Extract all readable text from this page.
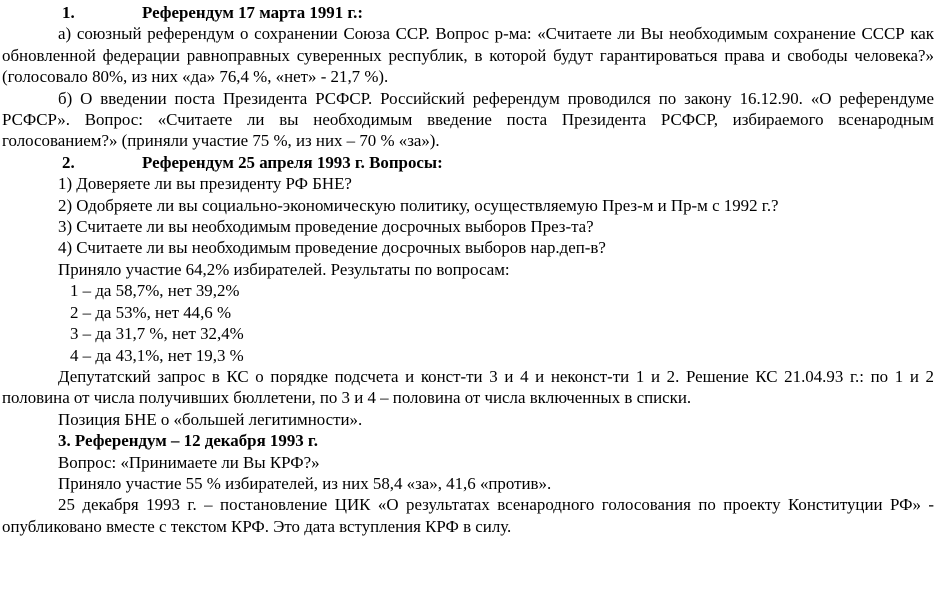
1.	Референдум 17 марта 1991 г.:

а) союзный референдум о сохранении Союза ССР. Вопрос р-ма: «Считаете ли Вы необходимым сохранение СССР как обновленной федерации равноправных суверенных республик, в которой будут гарантироваться права и свободы человека?» (голосовало 80%, из них «да» 76,4 %, «нет» - 21,7 %).

б) О введении поста Президента РСФСР. Российский референдум проводился по закону 16.12.90. «О референдуме РСФСР». Вопрос: «Считаете ли вы необходимым введение поста Президента РСФСР, избираемого всенародным голосованием?» (приняли участие 75 %, из них – 70 % «за»).

2.	Референдум 25 апреля 1993 г. Вопросы:

1) Доверяете ли вы президенту РФ БНЕ?

2) Одобряете ли вы социально-экономическую политику, осуществляемую През-м и Пр-м с 1992 г.?

3) Считаете ли вы необходимым проведение досрочных выборов През-та?

4) Считаете ли вы необходимым проведение досрочных выборов нар.деп-в?

Приняло участие 64,2% избирателей. Результаты по вопросам:

1 – да 58,7%, нет 39,2%

2 – да 53%, нет 44,6 %

3 – да 31,7 %, нет 32,4%

4 – да 43,1%, нет 19,3 %

Депутатский запрос в КС о порядке подсчета и конст-ти 3 и 4 и неконст-ти 1 и 2. Решение КС 21.04.93 г.: по 1 и 2 половина от числа получивших бюллетени, по 3 и 4 – половина от числа включенных в списки.

Позиция БНЕ о «большей легитимности».

3. Референдум – 12 декабря 1993 г.

Вопрос: «Принимаете ли Вы КРФ?»

Приняло участие 55 % избирателей, из них 58,4 «за», 41,6 «против».

25 декабря 1993 г. – постановление ЦИК «О результатах всенародного голосования по проекту Конституции РФ» - опубликовано вместе с текстом КРФ. Это дата вступления КРФ в силу.
